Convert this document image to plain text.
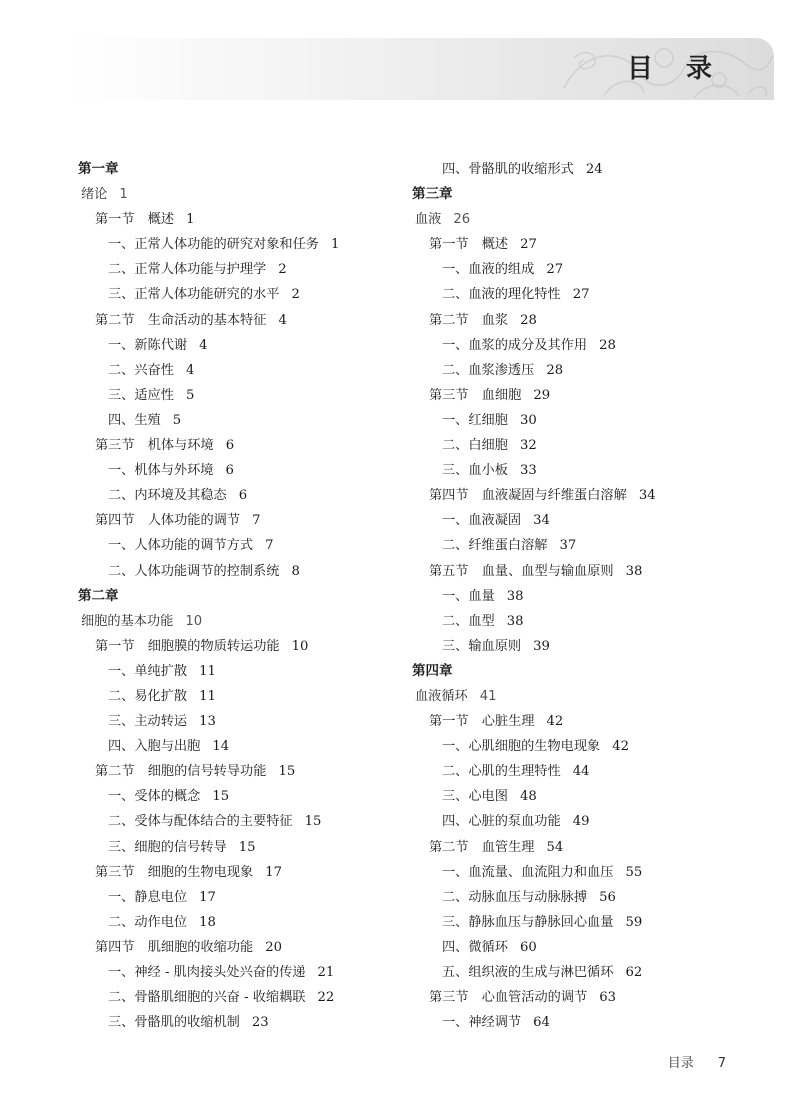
目 录
第一章
绪论 1
第一节　概述 1
一、正常人体功能的研究对象和任务 1
二、正常人体功能与护理学 2
三、正常人体功能研究的水平 2
第二节　生命活动的基本特征 4
一、新陈代谢 4
二、兴奋性 4
三、适应性 5
四、生殖 5
第三节　机体与环境 6
一、机体与外环境 6
二、内环境及其稳态 6
第四节　人体功能的调节 7
一、人体功能的调节方式 7
二、人体功能调节的控制系统 8
第二章
细胞的基本功能 10
第一节　细胞膜的物质转运功能 10
一、单纯扩散 11
二、易化扩散 11
三、主动转运 13
四、入胞与出胞 14
第二节　细胞的信号转导功能 15
一、受体的概念 15
二、受体与配体结合的主要特征 15
三、细胞的信号转导 15
第三节　细胞的生物电现象 17
一、静息电位 17
二、动作电位 18
第四节　肌细胞的收缩功能 20
一、神经 - 肌肉接头处兴奋的传递 21
二、骨骼肌细胞的兴奋 - 收缩耦联 22
三、骨骼肌的收缩机制 23
四、骨骼肌的收缩形式 24
第三章
血液 26
第一节　概述 27
一、血液的组成 27
二、血液的理化特性 27
第二节　血浆 28
一、血浆的成分及其作用 28
二、血浆渗透压 28
第三节　血细胞 29
一、红细胞 30
二、白细胞 32
三、血小板 33
第四节　血液凝固与纤维蛋白溶解 34
一、血液凝固 34
二、纤维蛋白溶解 37
第五节　血量、血型与输血原则 38
一、血量 38
二、血型 38
三、输血原则 39
第四章
血液循环 41
第一节　心脏生理 42
一、心肌细胞的生物电现象 42
二、心肌的生理特性 44
三、心电图 48
四、心脏的泵血功能 49
第二节　血管生理 54
一、血流量、血流阻力和血压 55
二、动脉血压与动脉脉搏 56
三、静脉血压与静脉回心血量 59
四、微循环 60
五、组织液的生成与淋巴循环 62
第三节　心血管活动的调节 63
一、神经调节 64
目录 7
